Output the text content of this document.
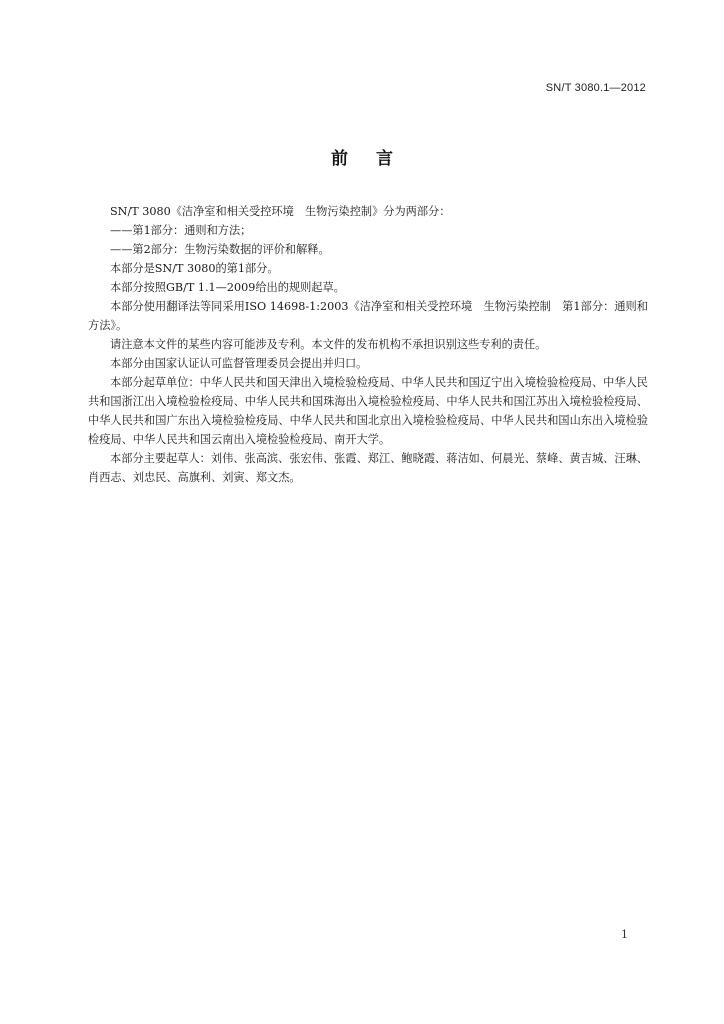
SN/T 3080.1—2012
前言

SN/T 3080《洁净室和相关受控环境　生物污染控制》分为两部分：

——第1部分：通则和方法；

——第2部分：生物污染数据的评价和解释。

本部分是SN/T 3080的第1部分。

本部分按照GB/T 1.1—2009给出的规则起草。

本部分使用翻译法等同采用ISO 14698-1:2003《洁净室和相关受控环境　生物污染控制　第1部分：通则和方法》。

请注意本文件的某些内容可能涉及专利。本文件的发布机构不承担识别这些专利的责任。

本部分由国家认证认可监督管理委员会提出并归口。

本部分起草单位：中华人民共和国天津出入境检验检疫局、中华人民共和国辽宁出入境检验检疫局、中华人民共和国浙江出入境检验检疫局、中华人民共和国珠海出入境检验检疫局、中华人民共和国江苏出入境检验检疫局、中华人民共和国广东出入境检验检疫局、中华人民共和国北京出入境检验检疫局、中华人民共和国山东出入境检验检疫局、中华人民共和国云南出入境检验检疫局、南开大学。

本部分主要起草人：刘伟、张高滨、张宏伟、张霞、郑江、鲍晓霞、蒋洁如、何晨光、蔡峰、黄吉城、汪琳、肖西志、刘忠民、高旗利、刘寅、郑文杰。

1
